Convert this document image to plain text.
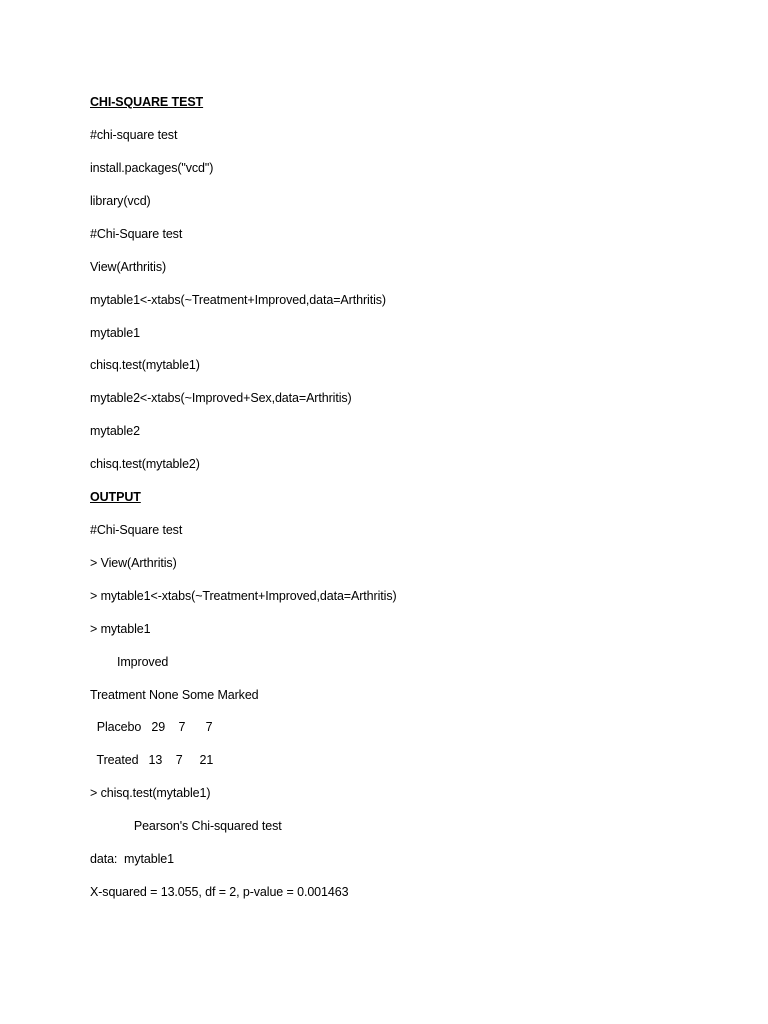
CHI-SQUARE TEST
#chi-square test
install.packages("vcd")
library(vcd)
#Chi-Square test
View(Arthritis)
mytable1<-xtabs(~Treatment+Improved,data=Arthritis)
mytable1
chisq.test(mytable1)
mytable2<-xtabs(~Improved+Sex,data=Arthritis)
mytable2
chisq.test(mytable2)
OUTPUT
#Chi-Square test
> View(Arthritis)
> mytable1<-xtabs(~Treatment+Improved,data=Arthritis)
> mytable1
Improved
Treatment None Some Marked
Placebo   29    7      7
Treated   13    7     21
> chisq.test(mytable1)
Pearson's Chi-squared test
data:  mytable1
X-squared = 13.055, df = 2, p-value = 0.001463
